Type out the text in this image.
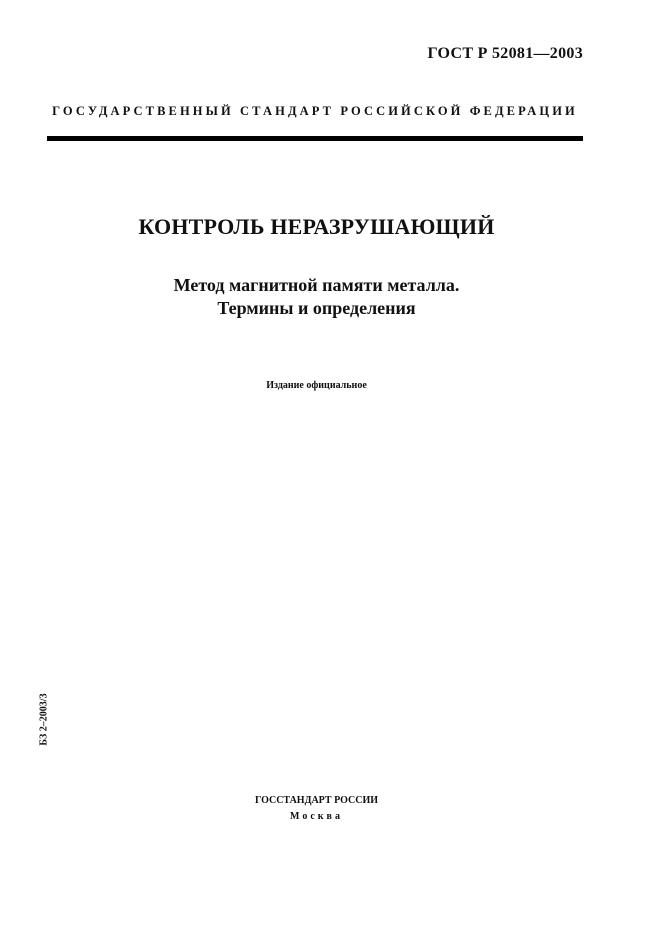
ГОСТ Р 52081—2003
ГОСУДАРСТВЕННЫЙ СТАНДАРТ РОССИЙСКОЙ ФЕДЕРАЦИИ
КОНТРОЛЬ НЕРАЗРУШАЮЩИЙ
Метод магнитной памяти металла.
Термины и определения
Издание официальное
БЗ 2–2003/3
ГОССТАНДАРТ РОССИИ
Москва
